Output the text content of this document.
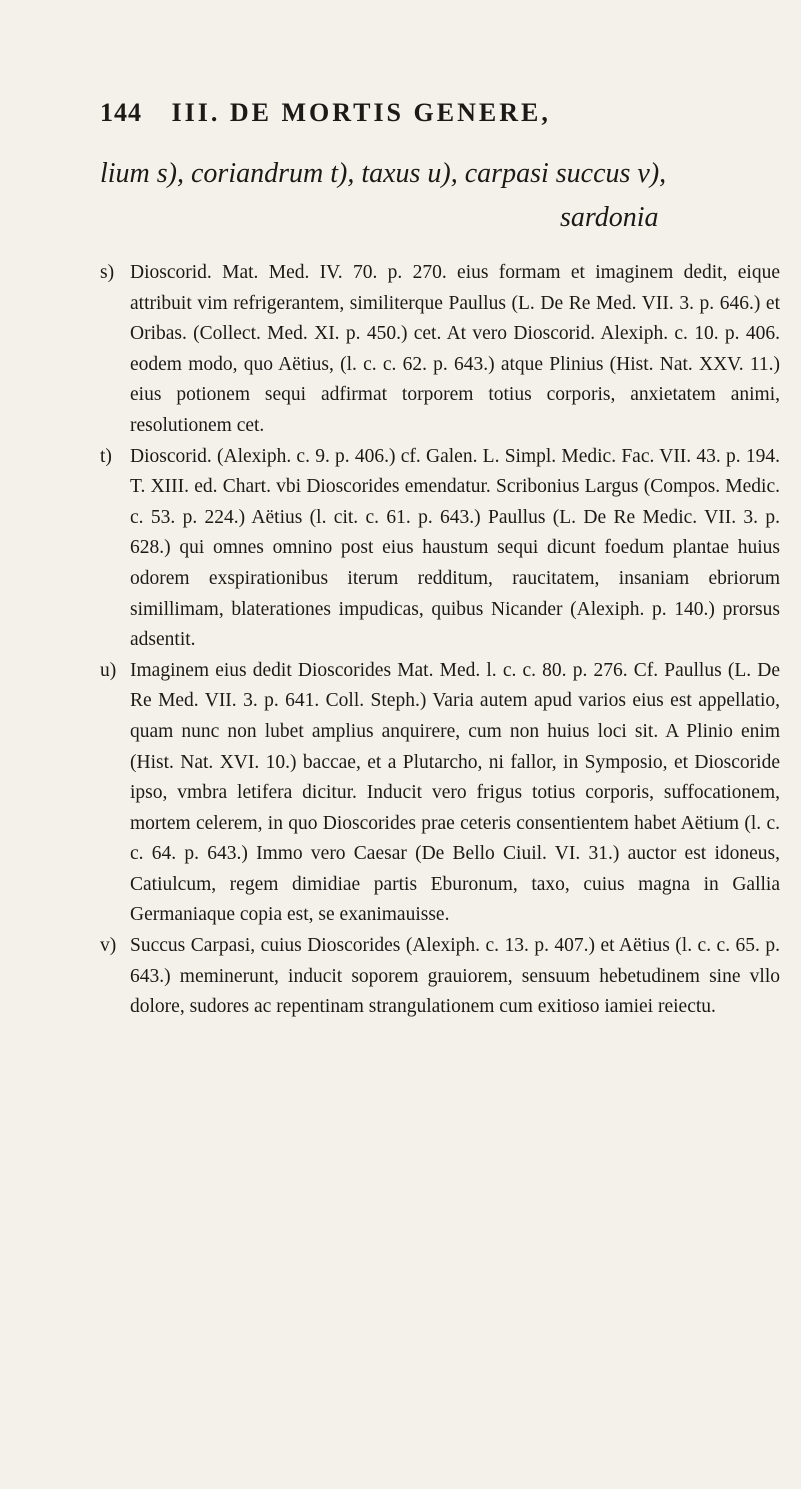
144 III. DE MORTIS GENERE,
lium s), coriandrum t), taxus u), carpasi succus v),
sardonia
s) Dioscorid. Mat. Med. IV. 70. p. 270. eius formam et imaginem dedit, eique attribuit vim refrigerantem, similiterque Paullus (L. De Re Med. VII. 3. p. 646.) et Oribas. (Collect. Med. XI. p. 450.) cet. At vero Dioscorid. Alexiph. c. 10. p. 406. eodem modo, quo Aëtius, (l. c. c. 62. p. 643.) atque Plinius (Hist. Nat. XXV. 11.) eius potionem sequi adfirmat torporem totius corporis, anxietatem animi, resolutionem cet.
t) Dioscorid. (Alexiph. c. 9. p. 406.) cf. Galen. L. Simpl. Medic. Fac. VII. 43. p. 194. T. XIII. ed. Chart. vbi Dioscorides emendatur. Scribonius Largus (Compos. Medic. c. 53. p. 224.) Aëtius (l. cit. c. 61. p. 643.) Paullus (L. De Re Medic. VII. 3. p. 628.) qui omnes omnino post eius haustum sequi dicunt foedum plantae huius odorem exspirationibus iterum redditum, raucitatem, insaniam ebriorum simillimam, blaterationes impudicas, quibus Nicander (Alexiph. p. 140.) prorsus adsentit.
u) Imaginem eius dedit Dioscorides Mat. Med. l. c. c. 80. p. 276. Cf. Paullus (L. De Re Med. VII. 3. p. 641. Coll. Steph.) Varia autem apud varios eius est appellatio, quam nunc non lubet amplius anquirere, cum non huius loci sit. A Plinio enim (Hist. Nat. XVI. 10.) baccae, et a Plutarcho, ni fallor, in Symposio, et Dioscoride ipso, vmbra letifera dicitur. Inducit vero frigus totius corporis, suffocationem, mortem celerem, in quo Dioscorides prae ceteris consentientem habet Aëtium (l. c. c. 64. p. 643.) Immo vero Caesar (De Bello Ciuil. VI. 31.) auctor est idoneus, Catiulcum, regem dimidiae partis Eburonum, taxo, cuius magna in Gallia Germaniaque copia est, se exanimauisse.
v) Succus Carpasi, cuius Dioscorides (Alexiph. c. 13. p. 407.) et Aëtius (l. c. c. 65. p. 643.) meminerunt, inducit soporem grauiorem, sensuum hebetudinem sine vllo dolore, sudores ac repentinam strangulationem cum exitioso iamiei reiectu.
